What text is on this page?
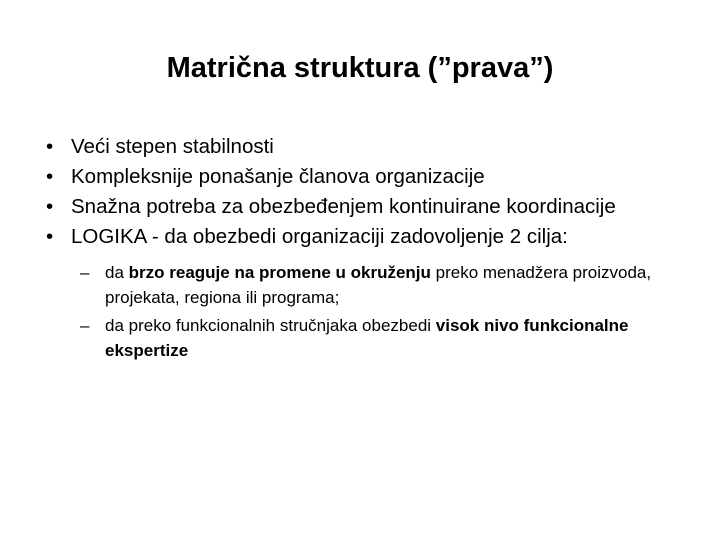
Matrična struktura (”prava”)
• Veći stepen stabilnosti
• Kompleksnije ponašanje članova organizacije
• Snažna potreba za obezbeđenjem kontinuirane koordinacije
• LOGIKA - da obezbedi organizaciji zadovoljenje 2 cilja:
– da brzo reaguje na promene u okruženju preko menadžera proizvoda, projekata, regiona ili programa;
– da preko funkcionalnih stručnjaka obezbedi visok nivo funkcionalne ekspertize
